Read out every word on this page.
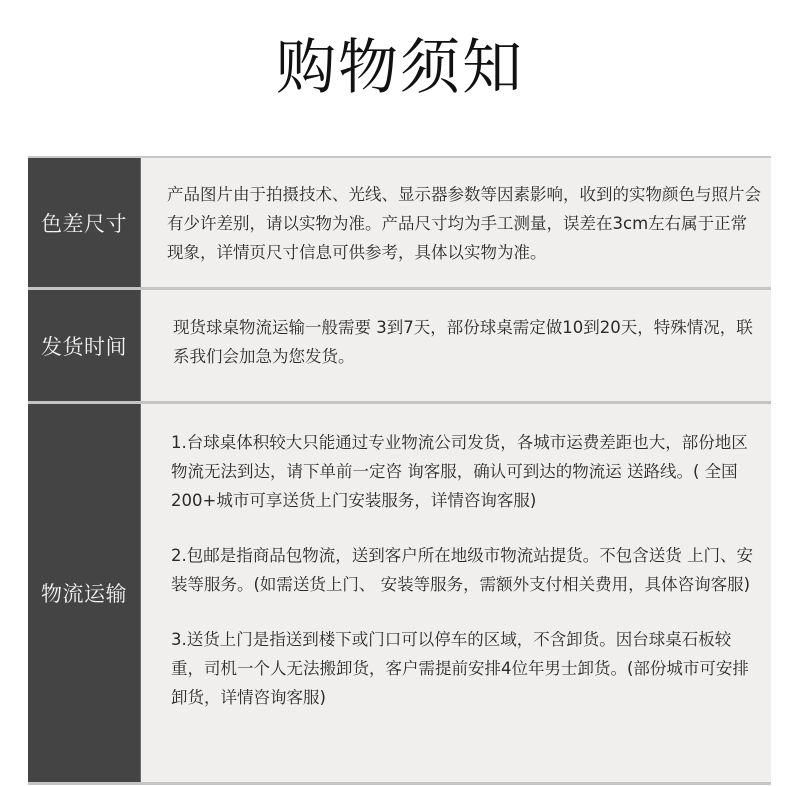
购物须知
色差尺寸

产品图片由于拍摄技术、光线、显示器参数等因素影响，收到的实物颜色与照片会有少许差别，请以实物为准。产品尺寸均为手工测量，误差在3cm左右属于正常现象，详情页尺寸信息可供参考，具体以实物为准。

发货时间

现货球桌物流运输一般需要 3到7天，部份球桌需定做10到20天，特殊情况，联系我们会加急为您发货。

物流运输

1.台球桌体积较大只能通过专业物流公司发货，各城市运费差距也大，部份地区物流无法到达，请下单前一定咨 询客服，确认可到达的物流运 送路线。( 全国200+城市可享送货上门安装服务，详情咨询客服)

2.包邮是指商品包物流，送到客户所在地级市物流站提货。不包含送货 上门、安装等服务。(如需送货上门、 安装等服务，需额外支付相关费用，具体咨询客服)

3.送货上门是指送到楼下或门口可以停车的区域，不含卸货。因台球桌石板较重，司机一个人无法搬卸货，客户需提前安排4位年男士卸货。(部份城市可安排卸货，详情咨询客服)
